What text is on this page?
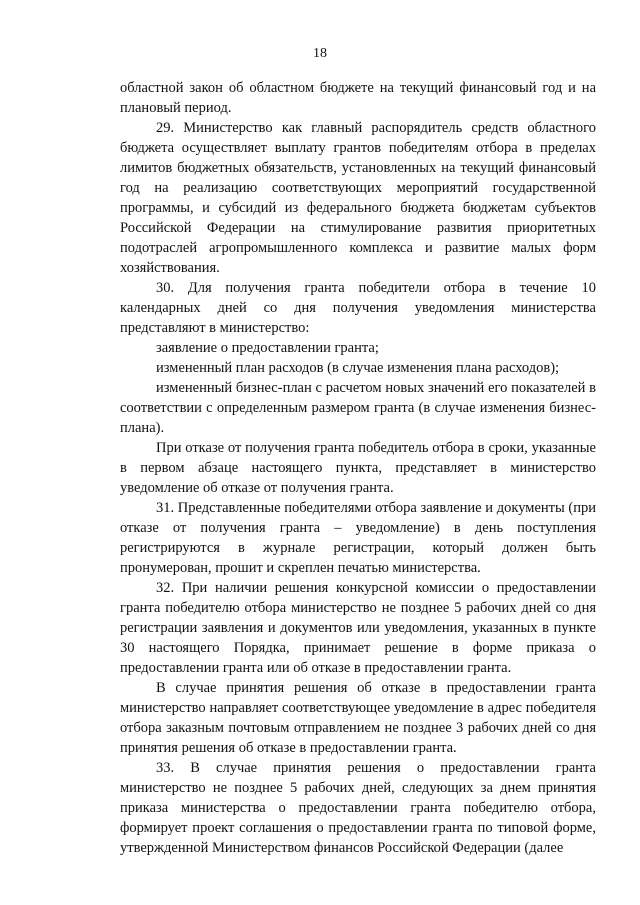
18

областной закон об областном бюджете на текущий финансовый год и на плановый период.

29. Министерство как главный распорядитель средств областного бюджета осуществляет выплату грантов победителям отбора в пределах лимитов бюджетных обязательств, установленных на текущий финансовый год на реализацию соответствующих мероприятий государственной программы, и субсидий из федерального бюджета бюджетам субъектов Российской Федерации на стимулирование развития приоритетных подотраслей агропромышленного комплекса и развитие малых форм хозяйствования.

30. Для получения гранта победители отбора в течение 10 календарных дней со дня получения уведомления министерства представляют в министерство:

заявление о предоставлении гранта;

измененный план расходов (в случае изменения плана расходов);

измененный бизнес-план с расчетом новых значений его показателей в соответствии с определенным размером гранта (в случае изменения бизнес-плана).

При отказе от получения гранта победитель отбора в сроки, указанные в первом абзаце настоящего пункта, представляет в министерство уведомление об отказе от получения гранта.

31. Представленные победителями отбора заявление и документы (при отказе от получения гранта – уведомление) в день поступления регистрируются в журнале регистрации, который должен быть пронумерован, прошит и скреплен печатью министерства.

32. При наличии решения конкурсной комиссии о предоставлении гранта победителю отбора министерство не позднее 5 рабочих дней со дня регистрации заявления и документов или уведомления, указанных в пункте 30 настоящего Порядка, принимает решение в форме приказа о предоставлении гранта или об отказе в предоставлении гранта.

В случае принятия решения об отказе в предоставлении гранта министерство направляет соответствующее уведомление в адрес победителя отбора заказным почтовым отправлением не позднее 3 рабочих дней со дня принятия решения об отказе в предоставлении гранта.

33. В случае принятия решения о предоставлении гранта министерство не позднее 5 рабочих дней, следующих за днем принятия приказа министерства о предоставлении гранта победителю отбора, формирует проект соглашения о предоставлении гранта по типовой форме, утвержденной Министерством финансов Российской Федерации (далее
